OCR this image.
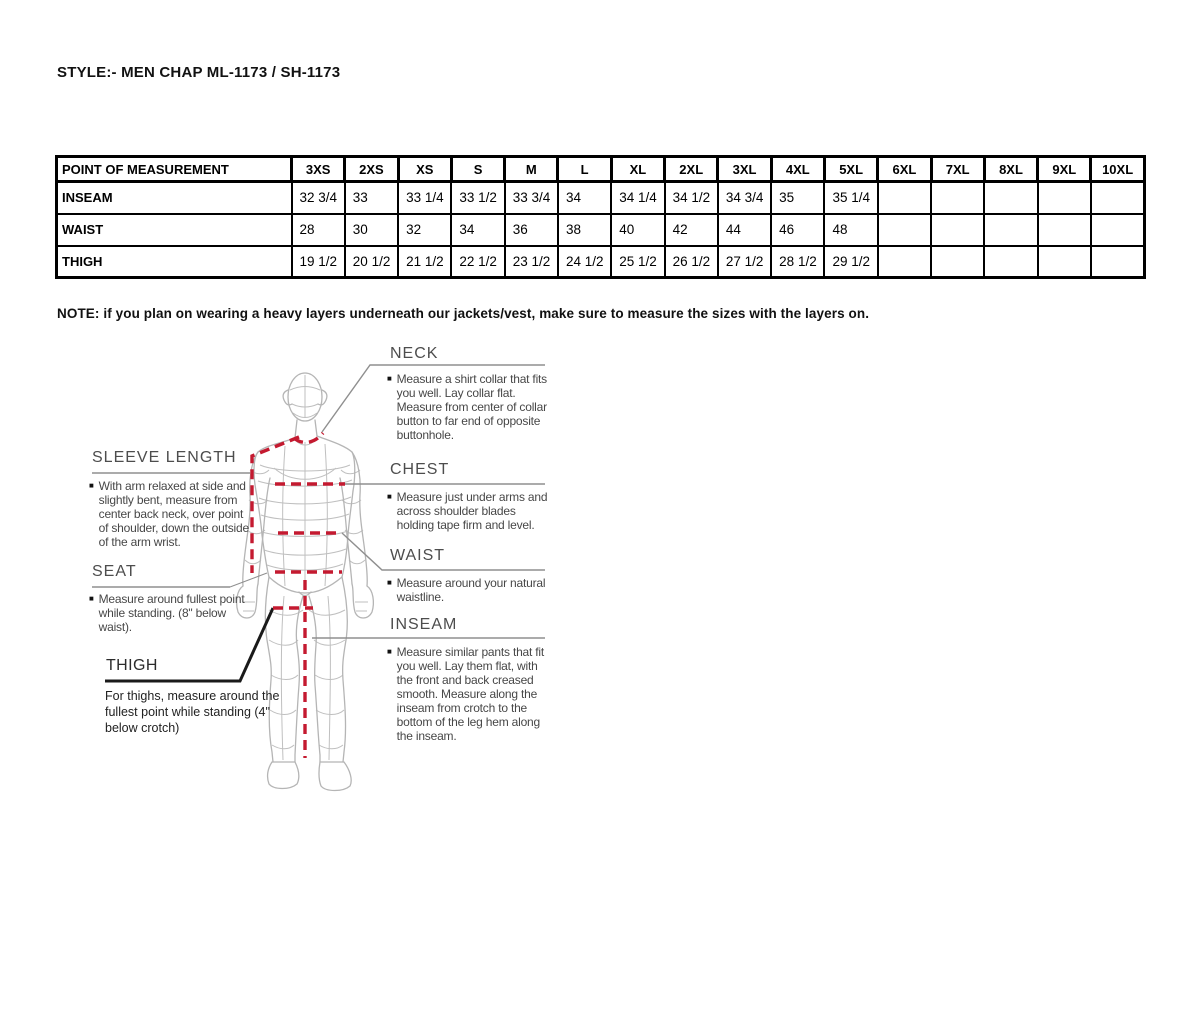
STYLE:- MEN CHAP ML-1173 / SH-1173
POINT OF MEASUREMENT	3XS	2XS	XS	S	M	L	XL	2XL	3XL	4XL	5XL	6XL	7XL	8XL	9XL	10XL
INSEAM	32 3/4	33	33 1/4	33 1/2	33 3/4	34	34 1/4	34 1/2	34 3/4	35	35 1/4					
WAIST	28	30	32	34	36	38	40	42	44	46	48					
THIGH	19 1/2	20 1/2	21 1/2	22 1/2	23 1/2	24 1/2	25 1/2	26 1/2	27 1/2	28 1/2	29 1/2					
NOTE: if you plan on wearing a heavy layers underneath our jackets/vest, make sure to measure the sizes with the layers on.
NECK
■ Measure a shirt collar that fits you well. Lay collar flat. Measure from center of collar button to far end of opposite buttonhole.
CHEST
■ Measure just under arms and across shoulder blades holding tape firm and level.
WAIST
■ Measure around your natural waistline.
INSEAM
■ Measure similar pants that fit you well. Lay them flat, with the front and back creased smooth. Measure along the inseam from crotch to the bottom of the leg hem along the inseam.
SLEEVE LENGTH
■ With arm relaxed at side and slightly bent, measure from center back neck, over point of shoulder, down the outside of the arm wrist.
SEAT
■ Measure around fullest point while standing. (8" below waist).
THIGH
For thighs, measure around the fullest point while standing (4" below crotch)
